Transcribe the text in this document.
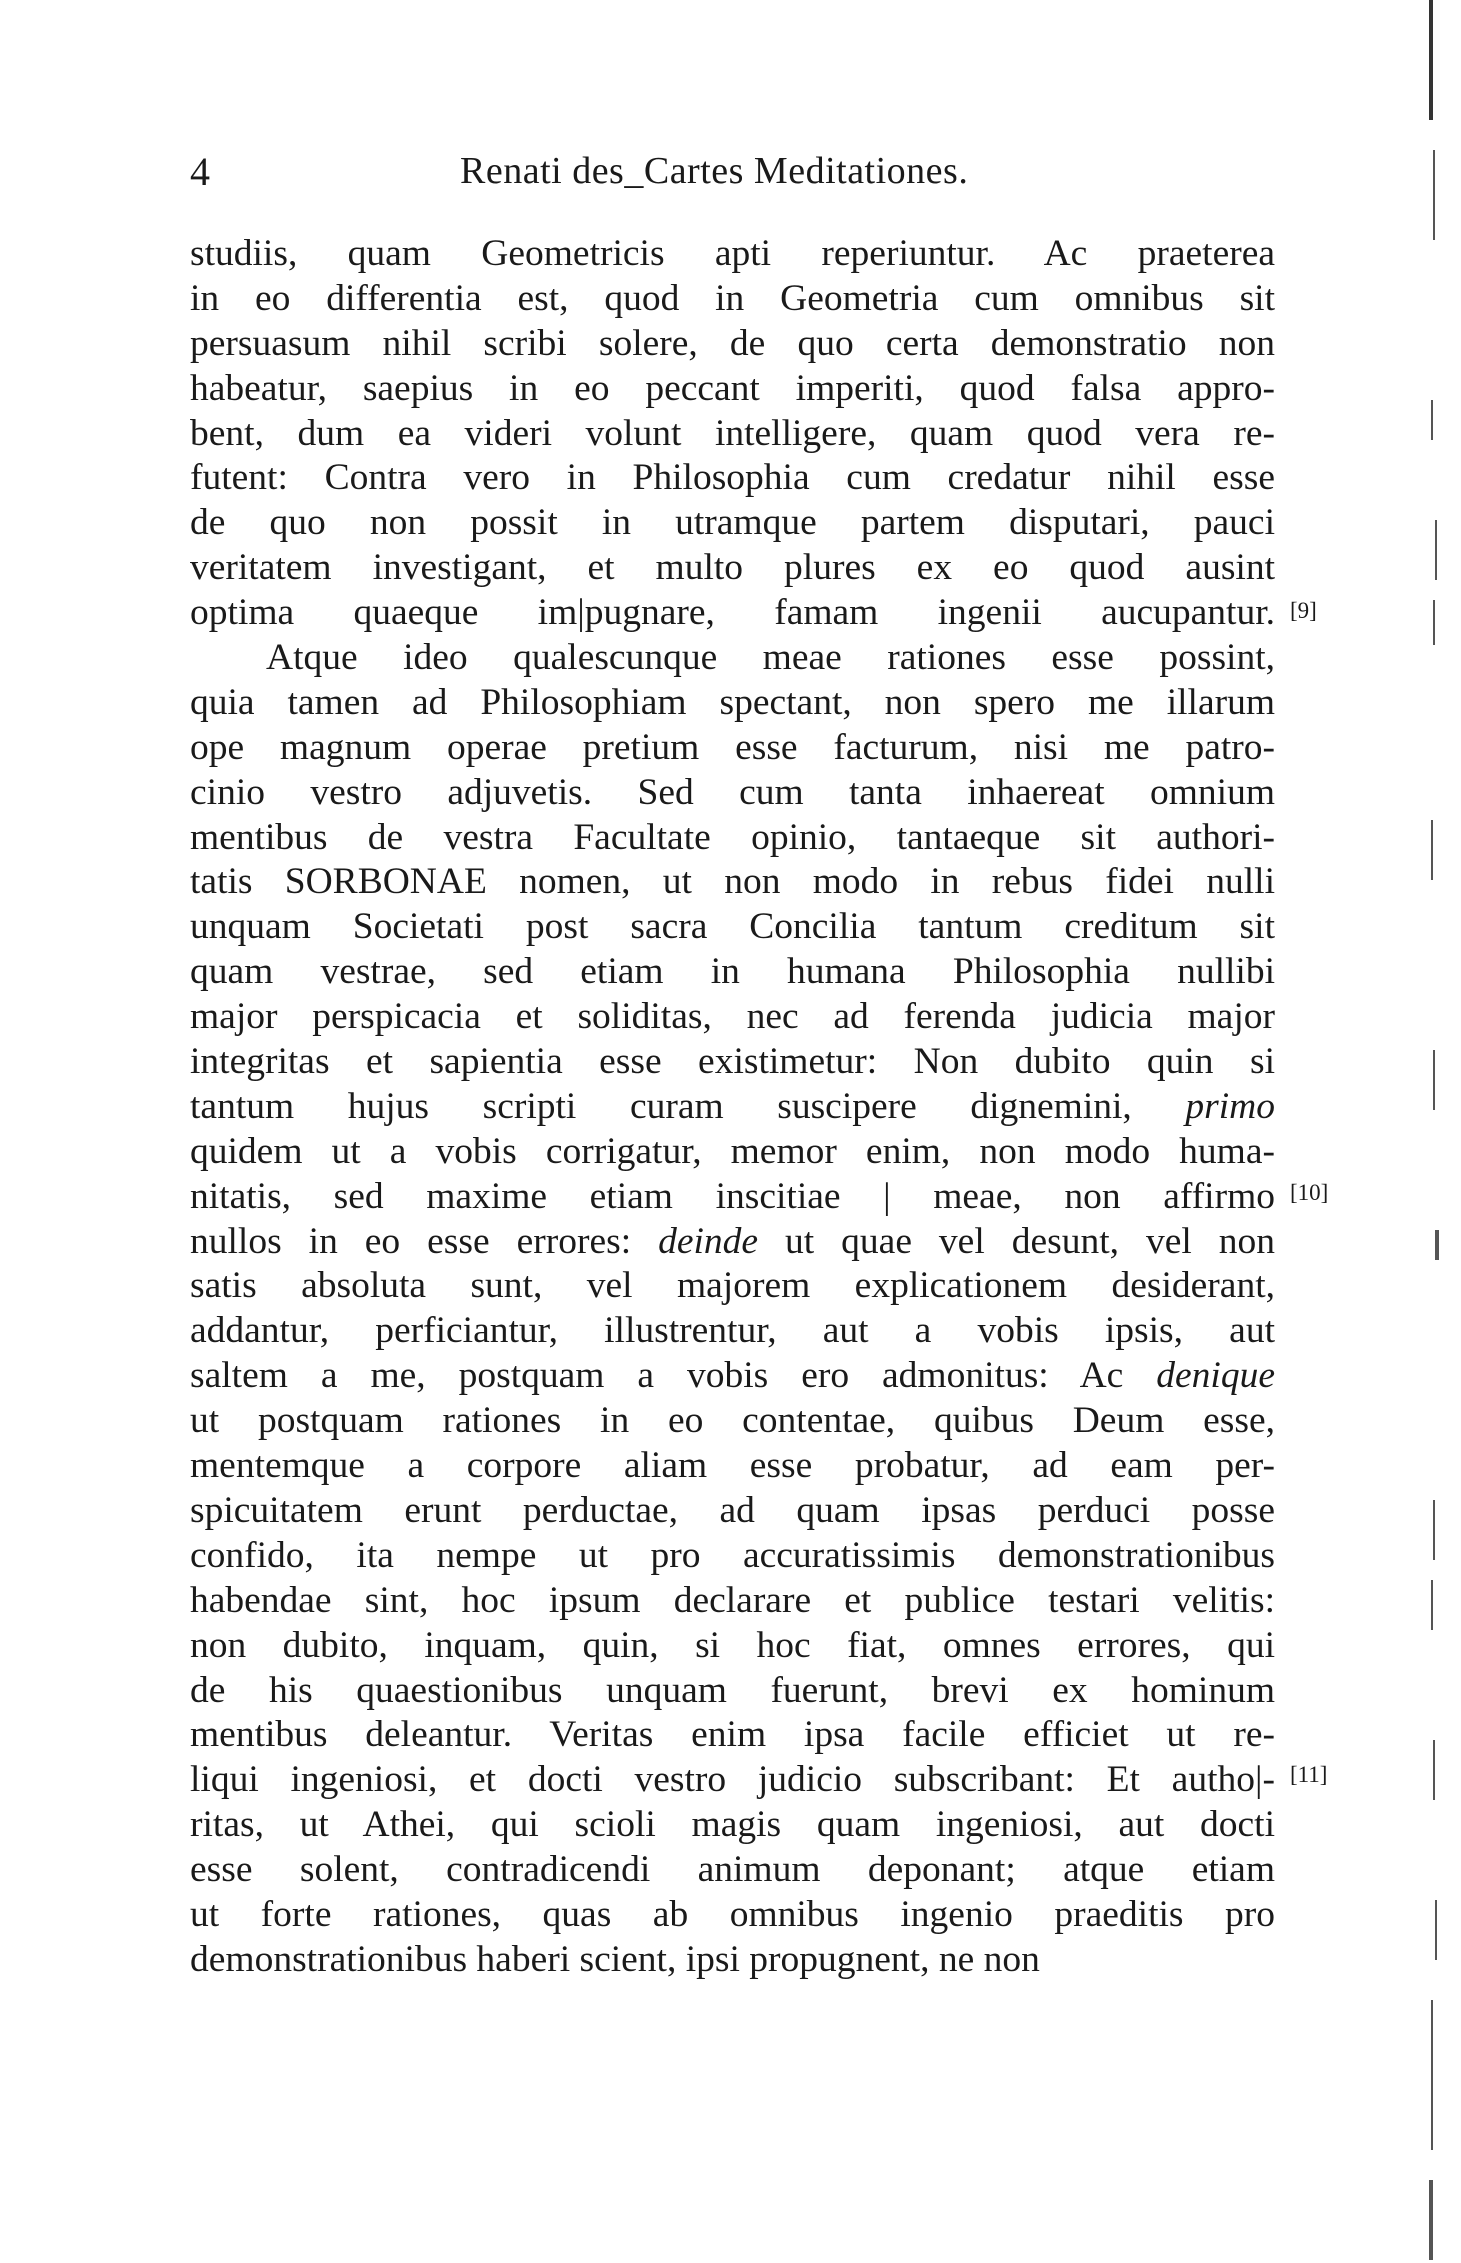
4	Renati des_Cartes Meditationes.
studiis, quam Geometricis apti reperiuntur. Ac praeterea
in eo differentia est, quod in Geometria cum omnibus sit
persuasum nihil scribi solere, de quo certa demonstratio non
habeatur, saepius in eo peccant imperiti, quod falsa appro-
bent, dum ea videri volunt intelligere, quam quod vera re-
futent: Contra vero in Philosophia cum credatur nihil esse
de quo non possit in utramque partem disputari, pauci
veritatem investigant, et multo plures ex eo quod ausint
optima quaeque im|pugnare, famam ingenii aucupantur.
Atque ideo qualescunque meae rationes esse possint,
quia tamen ad Philosophiam spectant, non spero me illarum
ope magnum operae pretium esse facturum, nisi me patro-
cinio vestro adjuvetis. Sed cum tanta inhaereat omnium
mentibus de vestra Facultate opinio, tantaeque sit authori-
tatis SORBONAE nomen, ut non modo in rebus fidei nulli
unquam Societati post sacra Concilia tantum creditum sit
quam vestrae, sed etiam in humana Philosophia nullibi
major perspicacia et soliditas, nec ad ferenda judicia major
integritas et sapientia esse existimetur: Non dubito quin si
tantum hujus scripti curam suscipere dignemini, primo
quidem ut a vobis corrigatur, memor enim, non modo huma-
nitatis, sed maxime etiam inscitiae | meae, non affirmo
nullos in eo esse errores: deinde ut quae vel desunt, vel non
satis absoluta sunt, vel majorem explicationem desiderant,
addantur, perficiantur, illustrentur, aut a vobis ipsis, aut
saltem a me, postquam a vobis ero admonitus: Ac denique
ut postquam rationes in eo contentae, quibus Deum esse,
mentemque a corpore aliam esse probatur, ad eam per-
spicuitatem erunt perductae, ad quam ipsas perduci posse
confido, ita nempe ut pro accuratissimis demonstrationibus
habendae sint, hoc ipsum declarare et publice testari velitis:
non dubito, inquam, quin, si hoc fiat, omnes errores, qui
de his quaestionibus unquam fuerunt, brevi ex hominum
mentibus deleantur. Veritas enim ipsa facile efficiet ut re-
liqui ingeniosi, et docti vestro judicio subscribant: Et autho|-
ritas, ut Athei, qui scioli magis quam ingeniosi, aut docti
esse solent, contradicendi animum deponant; atque etiam
ut forte rationes, quas ab omnibus ingenio praeditis pro
demonstrationibus haberi scient, ipsi propugnent, ne non
[9]
[10]
[11]
